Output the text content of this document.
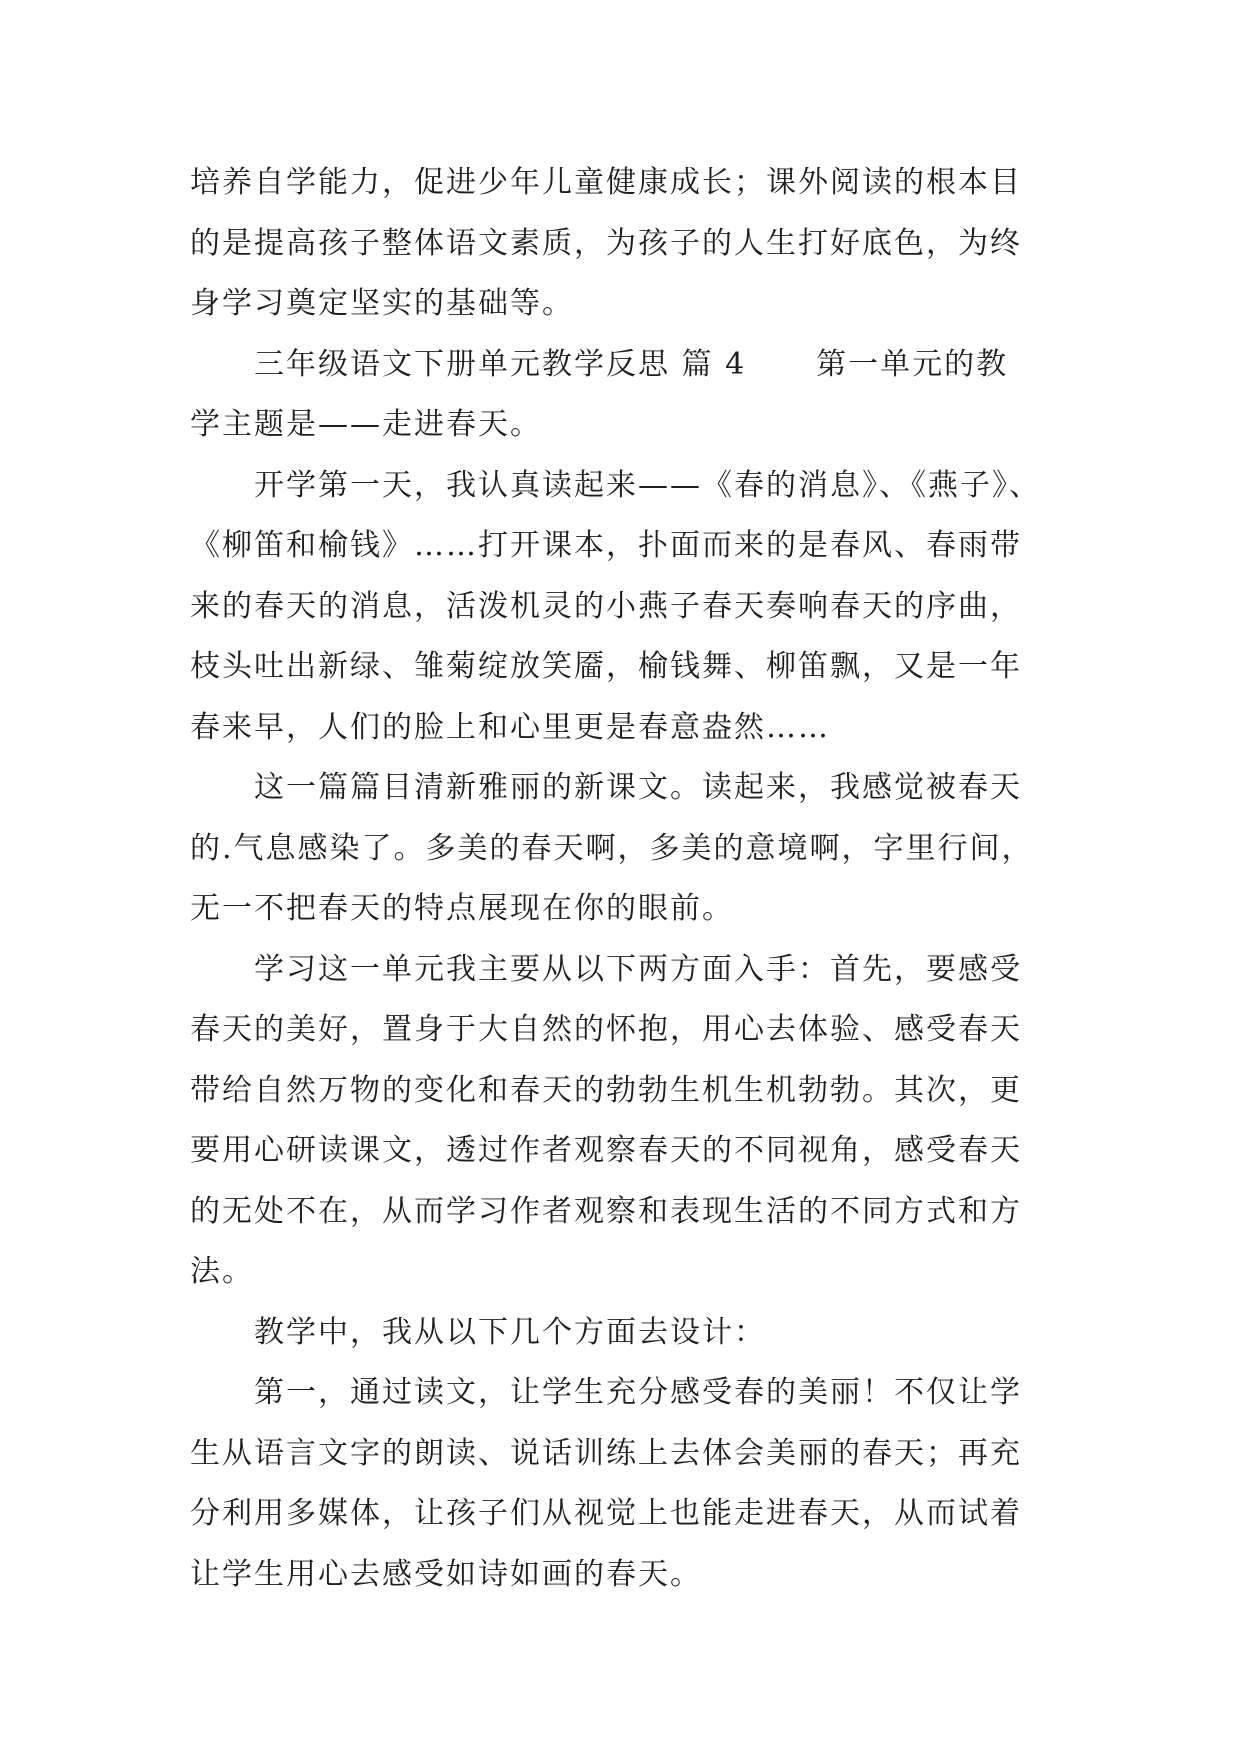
培养自学能力，促进少年儿童健康成长；课外阅读的根本目
的是提高孩子整体语文素质，为孩子的人生打好底色，为终
身学习奠定坚实的基础等。
三年级语文下册单元教学反思 篇 4 第一单元的教
学主题是——走进春天。
开学第一天，我认真读起来——《春的消息》、《燕子》、
《柳笛和榆钱》……打开课本，扑面而来的是春风、春雨带
来的春天的消息，活泼机灵的小燕子春天奏响春天的序曲，
枝头吐出新绿、雏菊绽放笑靥，榆钱舞、柳笛飘，又是一年
春来早，人们的脸上和心里更是春意盎然……
这一篇篇目清新雅丽的新课文。读起来，我感觉被春天
的.气息感染了。多美的春天啊，多美的意境啊，字里行间，
无一不把春天的特点展现在你的眼前。
学习这一单元我主要从以下两方面入手：首先，要感受
春天的美好，置身于大自然的怀抱，用心去体验、感受春天
带给自然万物的变化和春天的勃勃生机生机勃勃。其次，更
要用心研读课文，透过作者观察春天的不同视角，感受春天
的无处不在，从而学习作者观察和表现生活的不同方式和方
法。
教学中，我从以下几个方面去设计：
第一，通过读文，让学生充分感受春的美丽！不仅让学
生从语言文字的朗读、说话训练上去体会美丽的春天；再充
分利用多媒体，让孩子们从视觉上也能走进春天，从而试着
让学生用心去感受如诗如画的春天。
